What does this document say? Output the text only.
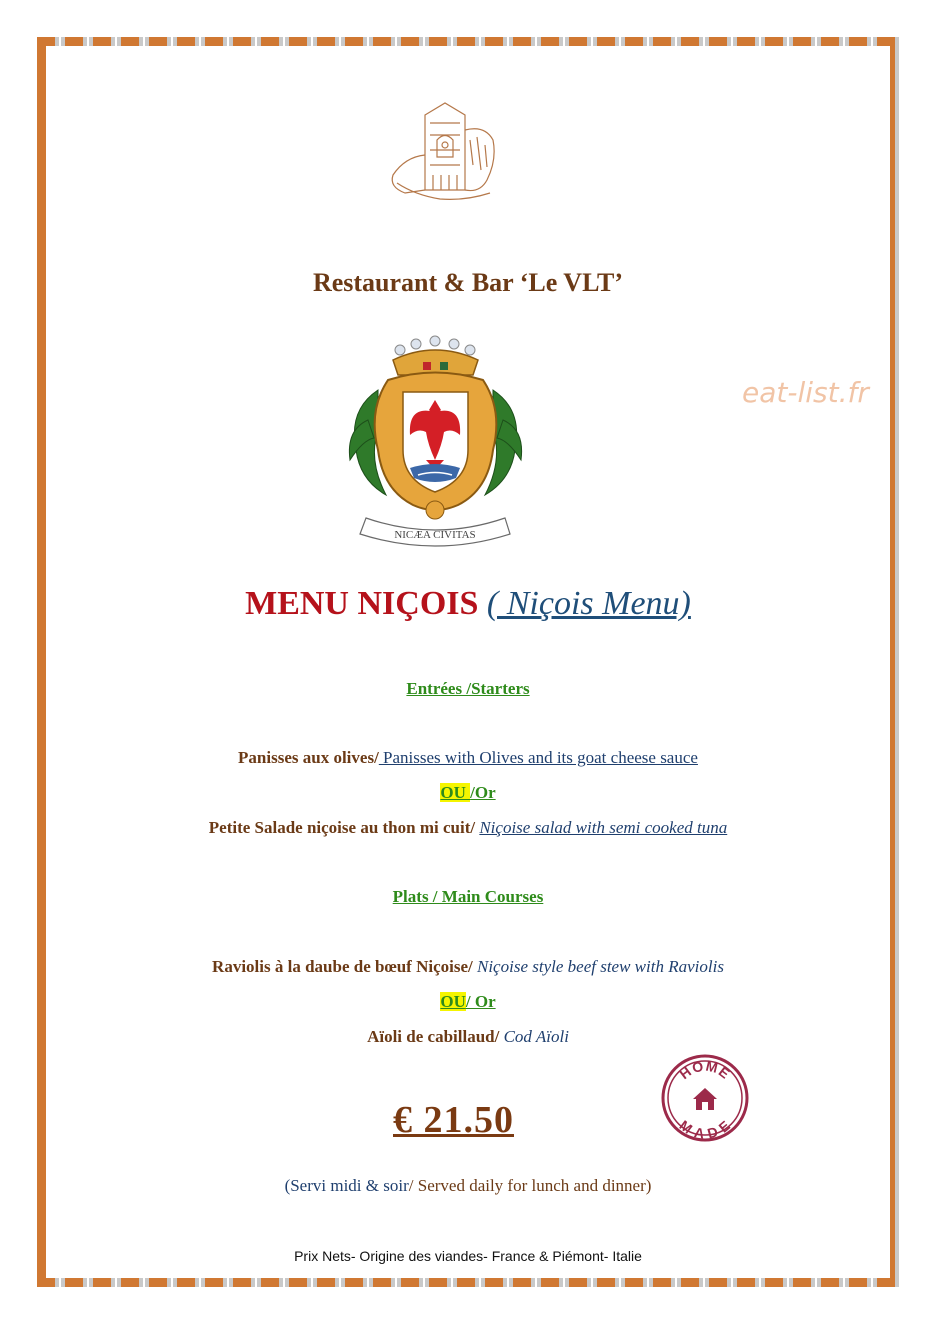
Restaurant & Bar ‘Le VLT’
NICÆA CIVITAS
eat-list.fr
MENU NIÇOIS ( Niçois Menu)
Entrées /Starters
Panisses aux olives/ Panisses with Olives and its goat cheese sauce
OU /Or
Petite Salade niçoise au thon mi cuit/ Niçoise salad with semi cooked tuna
Plats / Main Courses
Raviolis à la daube de bœuf Niçoise/ Niçoise style beef stew with Raviolis
OU/ Or
Aïoli de cabillaud/ Cod Aïoli
€ 21.50
HOME
MADE
(Servi midi & soir/ Served daily for lunch and dinner)
Prix Nets- Origine des viandes- France & Piémont- Italie
